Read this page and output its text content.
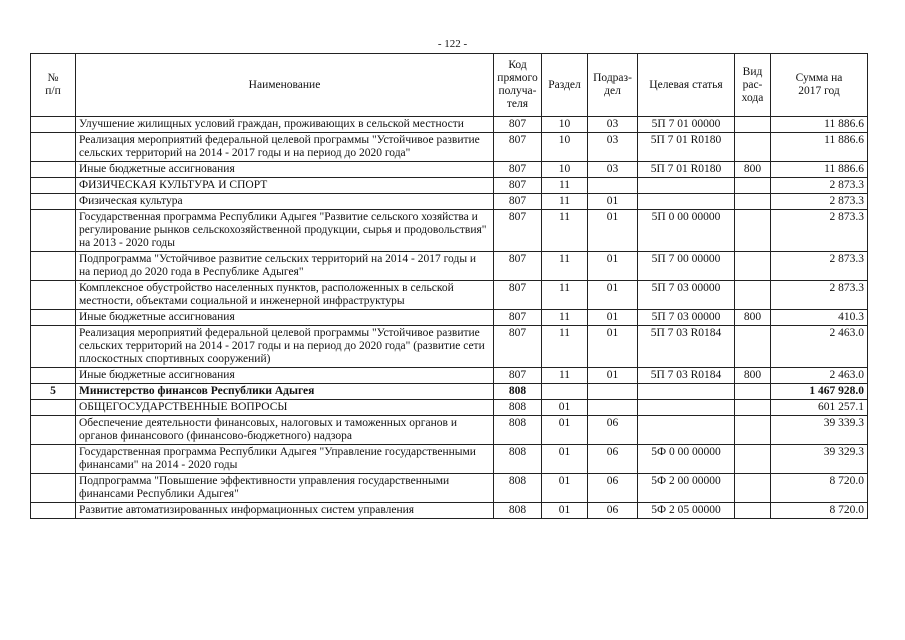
- 122 -
№
п/п	Наименование	Код
прямого
получа-
теля	Раздел	Подраз-
дел	Целевая статья	Вид
рас-
хода	Сумма на
2017 год
	Улучшение жилищных условий граждан, проживающих в сельской местности	807	10	03	5П 7 01 00000		11 886.6
	Реализация мероприятий федеральной целевой программы "Устойчивое развитие сельских территорий на 2014 - 2017 годы и на период до 2020 года"	807	10	03	5П 7 01 R0180		11 886.6
	Иные бюджетные ассигнования	807	10	03	5П 7 01 R0180	800	11 886.6
	ФИЗИЧЕСКАЯ КУЛЬТУРА И СПОРТ	807	11				2 873.3
	Физическая культура	807	11	01			2 873.3
	Государственная программа Республики Адыгея "Развитие сельского хозяйства и регулирование рынков сельскохозяйственной продукции, сырья и продовольствия" на 2013 - 2020 годы	807	11	01	5П 0 00 00000		2 873.3
	Подпрограмма "Устойчивое развитие сельских территорий на 2014 - 2017 годы и на период до 2020 года в Республике Адыгея"	807	11	01	5П 7 00 00000		2 873.3
	Комплексное обустройство населенных пунктов, расположенных в сельской местности, объектами социальной и инженерной инфраструктуры	807	11	01	5П 7 03 00000		2 873.3
	Иные бюджетные ассигнования	807	11	01	5П 7 03 00000	800	410.3
	Реализация мероприятий федеральной целевой программы "Устойчивое развитие сельских территорий на 2014 - 2017 годы и на период до 2020 года" (развитие сети плоскостных спортивных сооружений)	807	11	01	5П 7 03 R0184		2 463.0
	Иные бюджетные ассигнования	807	11	01	5П 7 03 R0184	800	2 463.0
5	Министерство финансов Республики Адыгея	808					1 467 928.0
	ОБЩЕГОСУДАРСТВЕННЫЕ ВОПРОСЫ	808	01				601 257.1
	Обеспечение деятельности финансовых, налоговых и таможенных органов и органов финансового (финансово-бюджетного) надзора	808	01	06			39 339.3
	Государственная программа Республики Адыгея "Управление государственными финансами" на 2014 - 2020 годы	808	01	06	5Ф 0 00 00000		39 329.3
	Подпрограмма "Повышение эффективности управления государственными финансами Республики Адыгея"	808	01	06	5Ф 2 00 00000		8 720.0
	Развитие автоматизированных информационных систем управления	808	01	06	5Ф 2 05 00000		8 720.0
